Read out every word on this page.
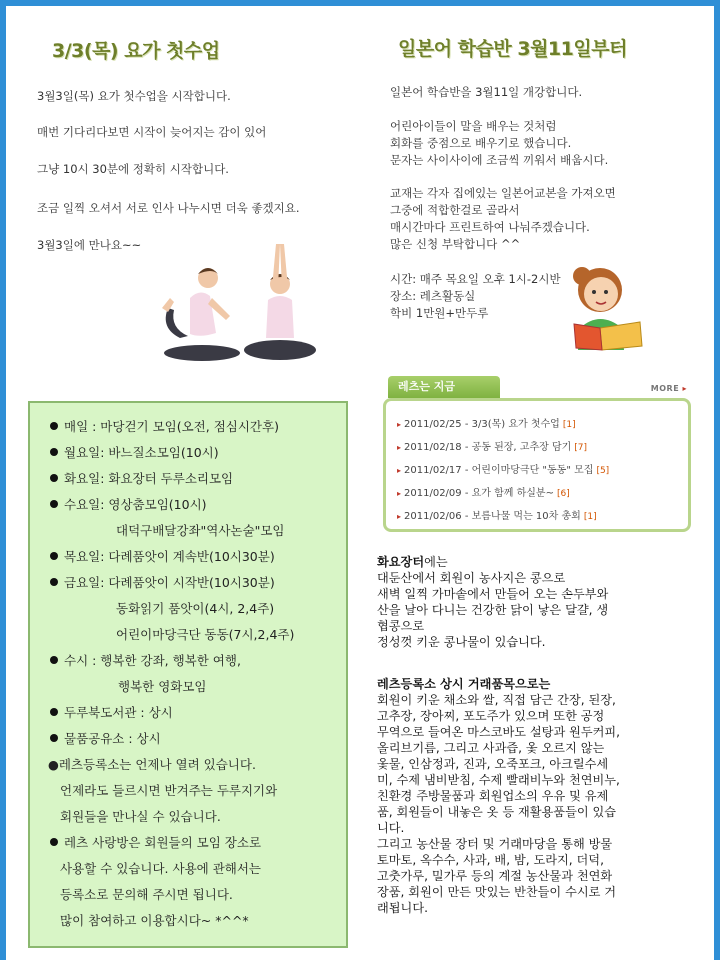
3/3(목) 요가 첫수업
3월3일(목) 요가 첫수업을 시작합니다.
매번 기다리다보면 시작이 늦어지는 감이 있어
그냥 10시 30분에 정확히 시작합니다.
조금 일찍 오셔서 서로 인사 나누시면 더욱 좋겠지요.
3월3일에 만나요~~
일본어 학습반 3월11일부터
일본어 학습반을 3월11일 개강합니다.
어린아이들이 말을 배우는 것처럼
회화를 중점으로 배우기로 했습니다.
문자는 사이사이에 조금씩 끼워서 배웁시다.
교재는 각자 집에있는 일본어교본을 가져오면
그중에 적합한걸로 골라서
매시간마다 프린트하여 나눠주겠습니다.
많은 신청 부탁합니다 ^^
시간: 매주 목요일 오후 1시-2시반
장소: 레츠활동실
학비 1만원+만두루
레츠는 지금	MORE ▸
▸ 2011/02/25 - 3/3(목) 요가 첫수업 [1]
▸ 2011/02/18 - 공동 된장, 고추장 담기 [7]
▸ 2011/02/17 - 어린이마당극단 "동동" 모집 [5]
▸ 2011/02/09 - 요가 함께 하실분~ [6]
▸ 2011/02/06 - 보름나물 먹는 10차 총회 [1]
매일 : 마당걷기 모임(오전, 점심시간후)
월요일: 바느질소모임(10시)
화요일: 화요장터 두루소리모임
수요일: 영상춤모임(10시)
대덕구배달강좌"역사논술"모임
목요일: 다례품앗이 계속반(10시30분)
금요일: 다례품앗이 시작반(10시30분)
동화읽기 품앗이(4시, 2,4주)
어린이마당극단 동동(7시,2,4주)
수시 : 행복한 강좌, 행복한 여행,
행복한 영화모임
두루북도서관 : 상시
물품공유소 : 상시
●레츠등록소는 언제나 열려 있습니다.
언제라도 들르시면 반겨주는 두루지기와
회원들을 만나실 수 있습니다.
레츠 사랑방은 회원들의 모임 장소로
사용할 수 있습니다. 사용에 관해서는
등록소로 문의해 주시면 됩니다.
많이 참여하고 이용합시다~ *^^*
화요장터에는
대둔산에서 회원이 농사지은 콩으로
새벽 일찍 가마솥에서 만들어 오는 손두부와
산을 날아 다니는 건강한 닭이 낳은 달걀, 생
협콩으로
정성껏 키운 콩나물이 있습니다.
레츠등록소 상시 거래품목으로는
회원이 키운 채소와 쌀, 직접 담근 간장, 된장,
고추장, 장아찌, 포도주가 있으며 또한 공정
무역으로 들여온 마스코바도 설탕과 원두커피,
올리브기름, 그리고 사과즙, 옻 오르지 않는
옻물, 인삼정과, 진과, 오죽포크, 아크릴수세
미, 수제 냄비받침, 수제 빨래비누와 천연비누,
친환경 주방물품과 회원업소의 우유 및 유제
품, 회원들이 내놓은 옷 등 재활용품들이 있습
니다.
그리고 농산물 장터 및 거래마당을 통해 방물
토마토, 옥수수, 사과, 배, 밤, 도라지, 더덕,
고춧가루, 밀가루 등의 계절 농산물과 천연화
장품, 회원이 만든 맛있는 반찬들이 수시로 거
래됩니다.
